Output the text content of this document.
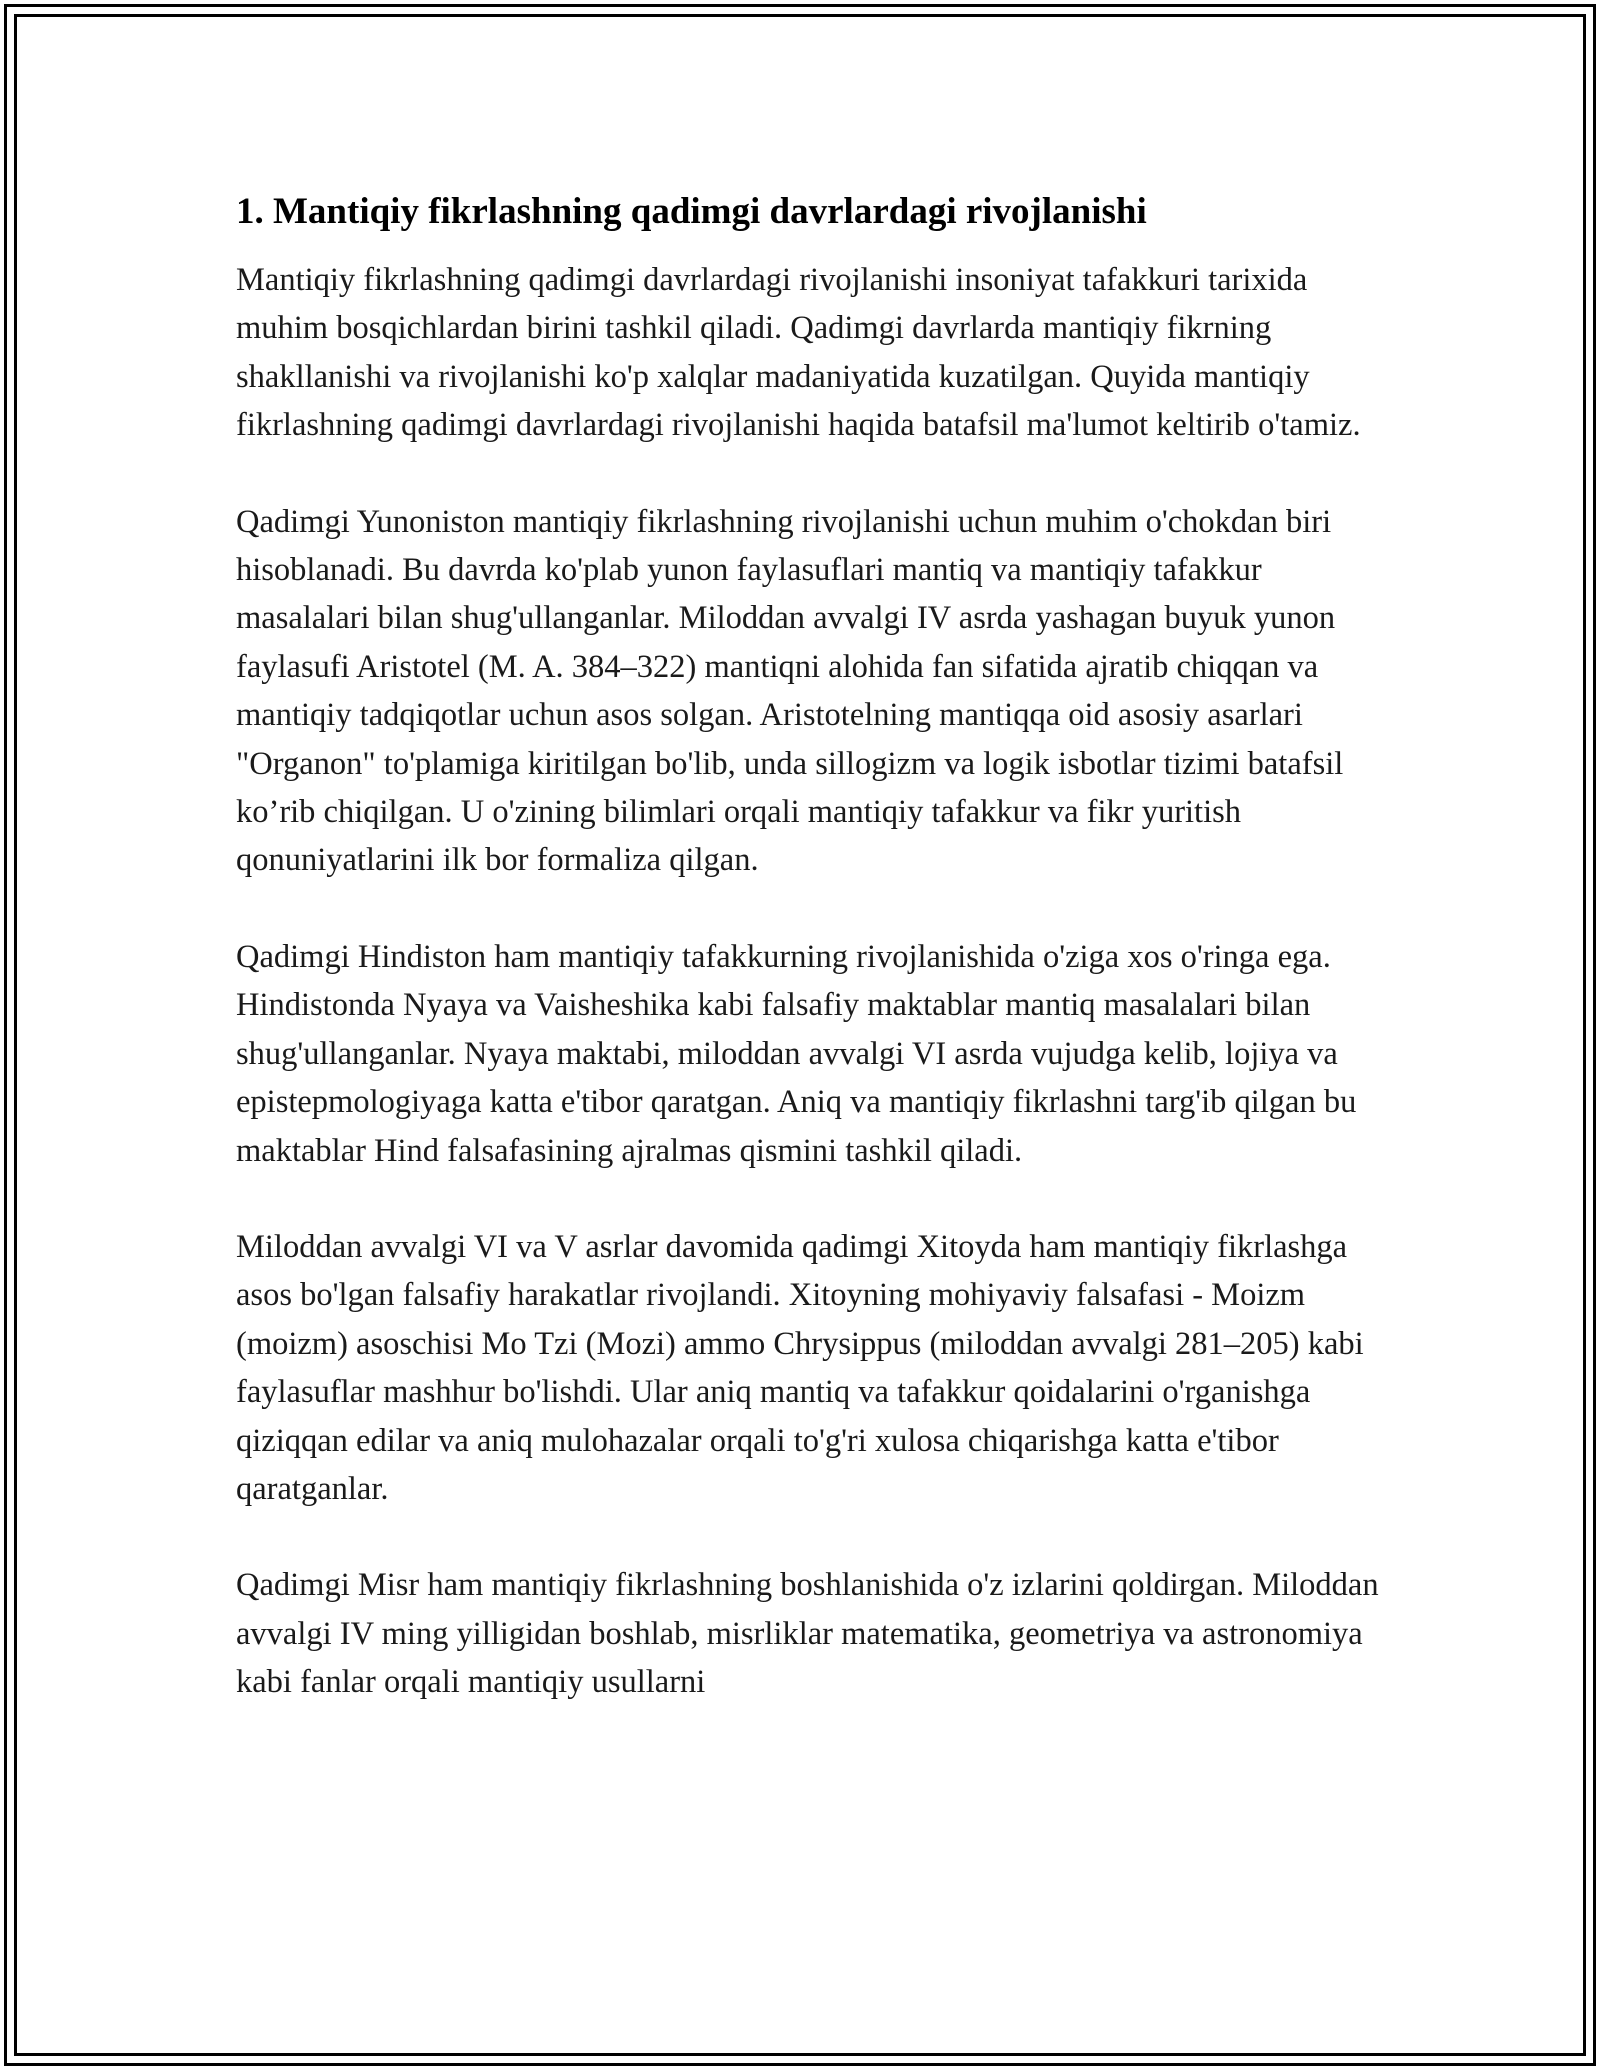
1. Mantiqiy fikrlashning qadimgi davrlardagi rivojlanishi

Mantiqiy fikrlashning qadimgi davrlardagi rivojlanishi insoniyat tafakkuri tarixida muhim bosqichlardan birini tashkil qiladi. Qadimgi davrlarda mantiqiy fikrning shakllanishi va rivojlanishi ko'p xalqlar madaniyatida kuzatilgan. Quyida mantiqiy fikrlashning qadimgi davrlardagi rivojlanishi haqida batafsil ma'lumot keltirib o'tamiz.

Qadimgi Yunoniston mantiqiy fikrlashning rivojlanishi uchun muhim o'chokdan biri hisoblanadi. Bu davrda ko'plab yunon faylasuflari mantiq va mantiqiy tafakkur masalalari bilan shug'ullanganlar. Miloddan avvalgi IV asrda yashagan buyuk yunon faylasufi Aristotel (M. A. 384–322) mantiqni alohida fan sifatida ajratib chiqqan va mantiqiy tadqiqotlar uchun asos solgan. Aristotelning mantiqqa oid asosiy asarlari "Organon" to'plamiga kiritilgan bo'lib, unda sillogizm va logik isbotlar tizimi batafsil ko’rib chiqilgan. U o'zining bilimlari orqali mantiqiy tafakkur va fikr yuritish qonuniyatlarini ilk bor formaliza qilgan.

Qadimgi Hindiston ham mantiqiy tafakkurning rivojlanishida o'ziga xos o'ringa ega. Hindistonda Nyaya va Vaisheshika kabi falsafiy maktablar mantiq masalalari bilan shug'ullanganlar. Nyaya maktabi, miloddan avvalgi VI asrda vujudga kelib, lojiya va epistepmologiyaga katta e'tibor qaratgan. Aniq va mantiqiy fikrlashni targ'ib qilgan bu maktablar Hind falsafasining ajralmas qismini tashkil qiladi.

Miloddan avvalgi VI va V asrlar davomida qadimgi Xitoyda ham mantiqiy fikrlashga asos bo'lgan falsafiy harakatlar rivojlandi. Xitoyning mohiyaviy falsafasi - Moizm (moizm) asoschisi Mo Tzi (Mozi) ammo Chrysippus (miloddan avvalgi 281–205) kabi faylasuflar mashhur bo'lishdi. Ular aniq mantiq va tafakkur qoidalarini o'rganishga qiziqqan edilar va aniq mulohazalar orqali to'g'ri xulosa chiqarishga katta e'tibor qaratganlar.

Qadimgi Misr ham mantiqiy fikrlashning boshlanishida o'z izlarini qoldirgan. Miloddan avvalgi IV ming yilligidan boshlab, misrliklar matematika, geometriya va astronomiya kabi fanlar orqali mantiqiy usullarni
